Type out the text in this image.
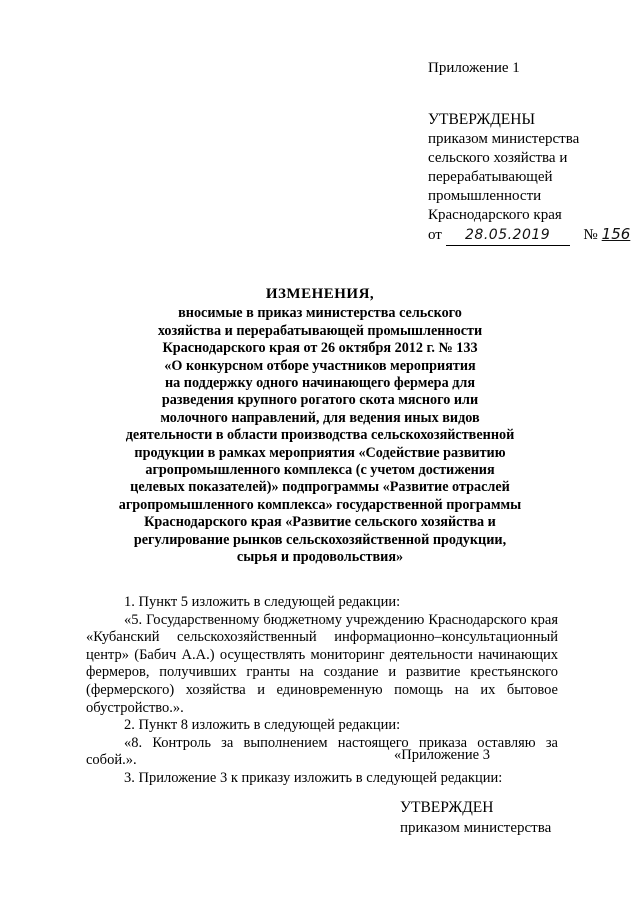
Приложение 1
УТВЕРЖДЕНЫ
приказом министерства
сельского хозяйства и
перерабатывающей
промышленности
Краснодарского края
от 28.05.2019 № 156
ИЗМЕНЕНИЯ,
вносимые в приказ министерства сельского
хозяйства и перерабатывающей промышленности
Краснодарского края от 26 октября 2012 г. № 133
«О конкурсном отборе участников мероприятия
на поддержку одного начинающего фермера для
разведения крупного рогатого скота мясного или
молочного направлений, для ведения иных видов
деятельности в области производства сельскохозяйственной
продукции в рамках мероприятия «Содействие развитию
агропромышленного комплекса (с учетом достижения
целевых показателей)» подпрограммы «Развитие отраслей
агропромышленного комплекса» государственной программы
Краснодарского края «Развитие сельского хозяйства и
регулирование рынков сельскохозяйственной продукции,
сырья и продовольствия»

1. Пункт 5 изложить в следующей редакции:

«5. Государственному бюджетному учреждению Краснодарского края «Кубанский сельскохозяйственный информационно–консультационный центр» (Бабич А.А.) осуществлять мониторинг деятельности начинающих фермеров, получивших гранты на создание и развитие крестьянского (фермерского) хозяйства и единовременную помощь на их бытовое обустройство.».

2. Пункт 8 изложить в следующей редакции:

«8. Контроль за выполнением настоящего приказа оставляю за собой.».

3. Приложение 3 к приказу изложить в следующей редакции:

«Приложение 3
УТВЕРЖДЕН
приказом министерства
